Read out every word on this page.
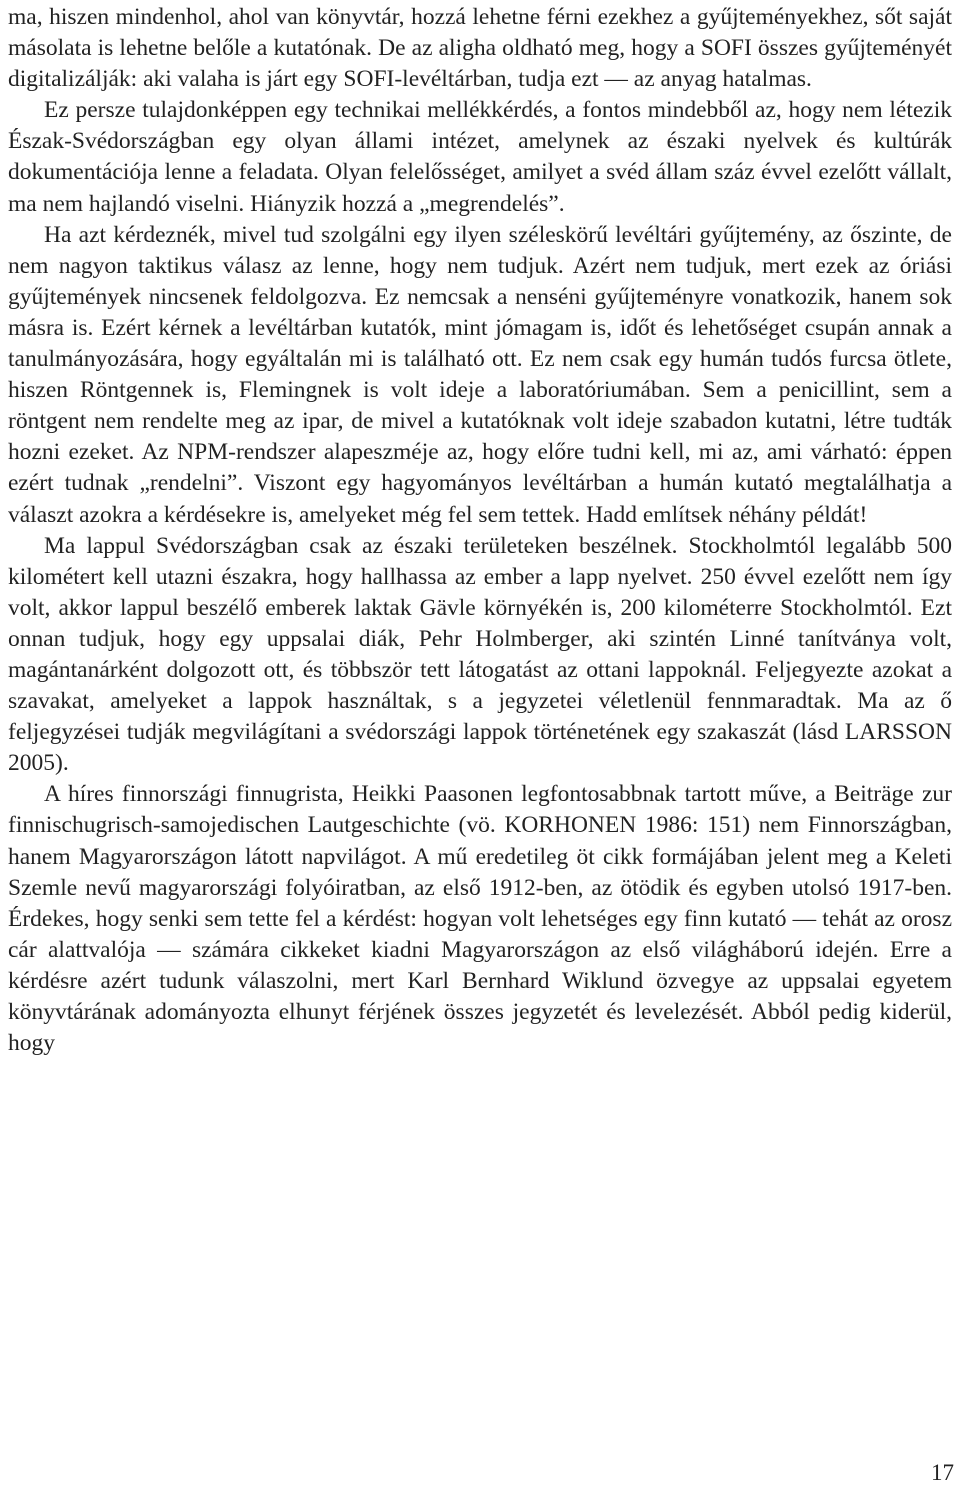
ma, hiszen mindenhol, ahol van könyvtár, hozzá lehetne férni ezekhez a gyűjteményekhez, sőt saját másolata is lehetne belőle a kutatónak. De az aligha oldható meg, hogy a SOFI összes gyűjteményét digitalizálják: aki valaha is járt egy SOFI-levéltárban, tudja ezt — az anyag hatalmas.

Ez persze tulajdonképpen egy technikai mellékkérdés, a fontos mindebből az, hogy nem létezik Észak-Svédországban egy olyan állami intézet, amelynek az északi nyelvek és kultúrák dokumentációja lenne a feladata. Olyan felelősséget, amilyet a svéd állam száz évvel ezelőtt vállalt, ma nem hajlandó viselni. Hiányzik hozzá a „megrendelés”.

Ha azt kérdeznék, mivel tud szolgálni egy ilyen széleskörű levéltári gyűjtemény, az őszinte, de nem nagyon taktikus válasz az lenne, hogy nem tudjuk. Azért nem tudjuk, mert ezek az óriási gyűjtemények nincsenek feldolgozva. Ez nemcsak a nenséni gyűjteményre vonatkozik, hanem sok másra is. Ezért kérnek a levéltárban kutatók, mint jómagam is, időt és lehetőséget csupán annak a tanulmányozására, hogy egyáltalán mi is található ott. Ez nem csak egy humán tudós furcsa ötlete, hiszen Röntgennek is, Flemingnek is volt ideje a laboratóriumában. Sem a penicillint, sem a röntgent nem rendelte meg az ipar, de mivel a kutatóknak volt ideje szabadon kutatni, létre tudták hozni ezeket. Az NPM-rendszer alapeszméje az, hogy előre tudni kell, mi az, ami várható: éppen ezért tudnak „rendelni”. Viszont egy hagyományos levéltárban a humán kutató megtalálhatja a választ azokra a kérdésekre is, amelyeket még fel sem tettek. Hadd említsek néhány példát!

Ma lappul Svédországban csak az északi területeken beszélnek. Stockholmtól legalább 500 kilométert kell utazni északra, hogy hallhassa az ember a lapp nyelvet. 250 évvel ezelőtt nem így volt, akkor lappul beszélő emberek laktak Gävle környékén is, 200 kilométerre Stockholmtól. Ezt onnan tudjuk, hogy egy uppsalai diák, Pehr Holmberger, aki szintén Linné tanítványa volt, magántanárként dolgozott ott, és többször tett látogatást az ottani lappoknál. Feljegyezte azokat a szavakat, amelyeket a lappok használtak, s a jegyzetei véletlenül fennmaradtak. Ma az ő feljegyzései tudják megvilágítani a svédországi lappok történetének egy szakaszát (lásd LARSSON 2005).

A híres finnországi finnugrista, Heikki Paasonen legfontosabbnak tartott műve, a Beiträge zur finnischugrisch-samojedischen Lautgeschichte (vö. KORHONEN 1986: 151) nem Finnországban, hanem Magyarországon látott napvilágot. A mű eredetileg öt cikk formájában jelent meg a Keleti Szemle nevű magyarországi folyóiratban, az első 1912-ben, az ötödik és egyben utolsó 1917-ben. Érdekes, hogy senki sem tette fel a kérdést: hogyan volt lehetséges egy finn kutató — tehát az orosz cár alattvalója — számára cikkeket kiadni Magyarországon az első világháború idején. Erre a kérdésre azért tudunk válaszolni, mert Karl Bernhard Wiklund özvegye az uppsalai egyetem könyvtárának adományozta elhunyt férjének összes jegyzetét és levelezését. Abból pedig kiderül, hogy

17
